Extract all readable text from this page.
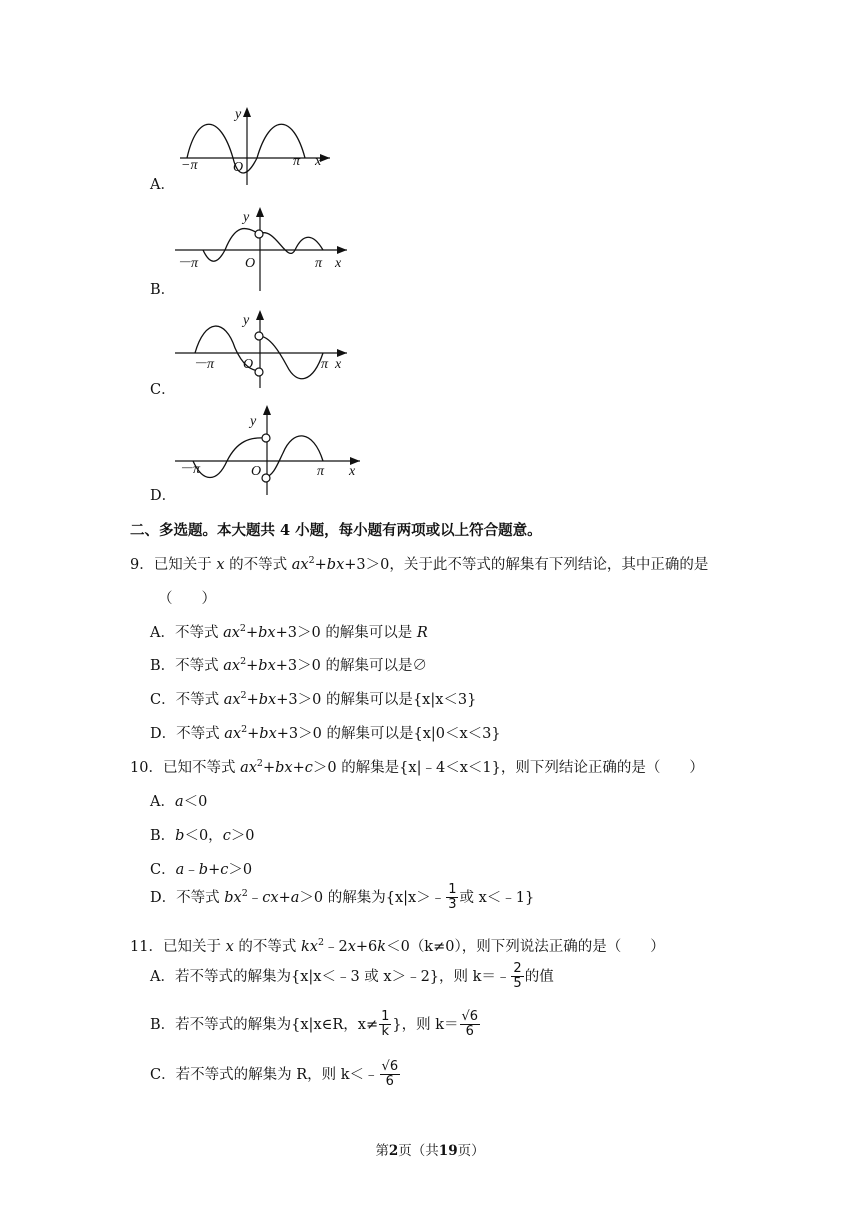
y
x
−π	π
O
A．
y
x
－π	π
O
B．
y
x
－π	π
O
C．
y
x
－π	π
O
D．
二、多选题。本大题共 4 小题，每小题有两项或以上符合题意。
9．已知关于 x 的不等式 $ax^2+bx+3>0$，关于此不等式的解集有下列结论，其中正确的是
（　　）
A．不等式 $ax^2+bx+3>0$ 的解集可以是 R
B．不等式 $ax^2+bx+3>0$ 的解集可以是∅
C．不等式 $ax^2+bx+3>0$ 的解集可以是{x|x＜3}
D．不等式 $ax^2+bx+3>0$ 的解集可以是{x|0＜x＜3}
10．已知不等式 $ax^2+bx+c>0$ 的解集是{x|﹣4＜x＜1}，则下列结论正确的是（　　）
A．a＜0
B．b＜0，c＞0
C．a﹣b+c＞0
D．不等式 $bx^2﹣cx+a>0$ 的解集为{x|x＞﹣ $\frac{1}{3}$ 或 x＜﹣1}
11．已知关于 x 的不等式 $kx^2﹣2x+6k<0(k\ne 0)$，则下列说法正确的是（　　）
A．若不等式的解集为{x|x＜﹣3 或 x＞﹣2}，则 k＝﹣ $\frac{2}{5}$ 的值
B．若不等式的解集为{x|x∈R，$x\ne \frac{1}{k}$ }，则 $k= \frac{√6}{6}$
C．若不等式的解集为 R，则 k＜﹣ $\frac{√6}{6}$
第2页（共19页）
